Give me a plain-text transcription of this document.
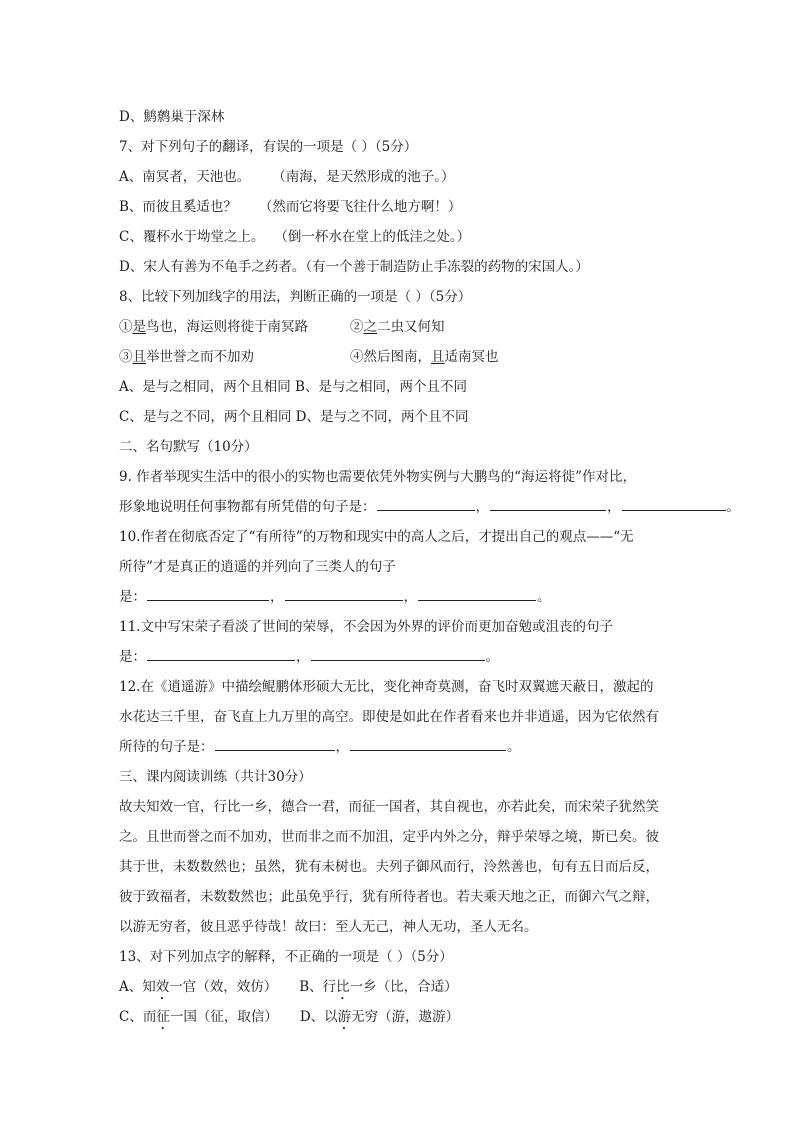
D、鹪鹩巢于深林
7、对下列句子的翻译，有误的一项是（ ）（5分）
A、南冥者，天池也。 （南海，是天然形成的池子。）
B、而彼且奚适也？ （然而它将要飞往什么地方啊！）
C、覆杯水于坳堂之上。 （倒一杯水在堂上的低洼之处。）
D、宋人有善为不龟手之药者。（有一个善于制造防止手冻裂的药物的宋国人。）
8、比较下列加线字的用法，判断正确的一项是（ ）（5分）
①是鸟也，海运则将徙于南冥路	②之二虫又何知
③且举世誉之而不加劝	④然后图南，且适南冥也
A、是与之相同，两个且相同 B、是与之相同，两个且不同
C、是与之不同，两个且相同 D、是与之不同，两个且不同
二、名句默写（10分）
9. 作者举现实生活中的很小的实物也需要依凭外物实例与大鹏鸟的“海运将徙”作对比，
形象地说明任何事物都有所凭借的句子是：	，	，	。
10.作者在彻底否定了“有所待”的万物和现实中的高人之后，才提出自己的观点——“无
所待”才是真正的逍遥的并列向了三类人的句子
是：	，	，	。
11.文中写宋荣子看淡了世间的荣辱，不会因为外界的评价而更加奋勉或沮丧的句子
是：	，	。
12.在《逍遥游》中描绘鲲鹏体形硕大无比，变化神奇莫测，奋飞时双翼遮天蔽日，激起的
水花达三千里，奋飞直上九万里的高空。即使是如此在作者看来也并非逍遥，因为它依然有
所待的句子是：	，	。
三、课内阅读训练（共计30分）
故夫知效一官，行比一乡，德合一君，而征一国者，其自视也，亦若此矣，而宋荣子犹然笑
之。且世而誉之而不加劝，世而非之而不加沮，定乎内外之分，辩乎荣辱之境，斯已矣。彼
其于世，未数数然也；虽然，犹有未树也。夫列子御风而行，泠然善也，旬有五日而后反，
彼于致福者，未数数然也；此虽免乎行，犹有所待者也。若夫乘天地之正，而御六气之辩，
以游无穷者，彼且恶乎待哉！故曰：至人无己，神人无功，圣人无名。
13、对下列加点字的解释，不正确的一项是（ ）（5分）
A、知效一官（效，效仿） B、行比一乡（比，合适）
C、而征一国（征，取信） D、以游无穷（游，遨游）
